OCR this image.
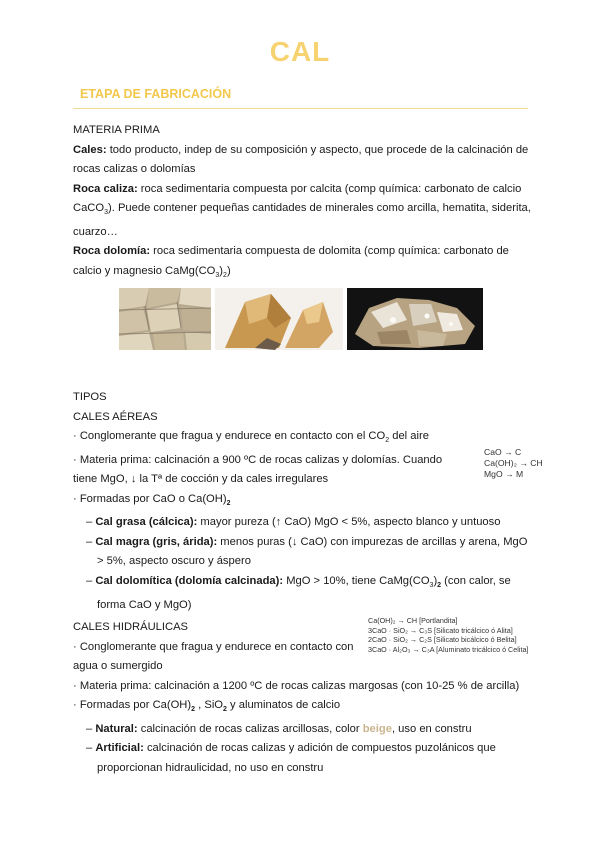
CAL
ETAPA DE FABRICACIÓN

MATERIA PRIMA

Cales: todo producto, indep de su composición y aspecto, que procede de la calcinación de rocas calizas o dolomías

Roca caliza: roca sedimentaria compuesta por calcita (comp química: carbonato de calcio CaCO$_3$). Puede contener pequeñas cantidades de minerales como arcilla, hematita, siderita, cuarzo…

Roca dolomía: roca sedimentaria compuesta de dolomita (comp química: carbonato de calcio y magnesio $CaMg(CO_3)_2$)

TIPOS

CALES AÉREAS

· Conglomerante que fragua y endurece en contacto con el $CO_2$ del aire

· Materia prima: calcinación a 900 ºC de rocas calizas y dolomías. Cuando tiene MgO, ↓ la Tª de cocción y da cales irregulares

· Formadas por CaO o $Ca(OH)_2$

– Cal grasa (cálcica): mayor pureza (↑ CaO) MgO < 5%, aspecto blanco y untuoso

– Cal magra (gris, árida): menos puras (↓ CaO) con impurezas de arcillas y arena, MgO > 5%, aspecto oscuro y áspero

– Cal dolomítica (dolomía calcinada): MgO > 10%, tiene $CaMg(CO_3)_2$ (con calor, se forma CaO y MgO)

CALES HIDRÁULICAS

· Conglomerante que fragua y endurece en contacto con agua o sumergido

· Materia prima: calcinación a 1200 ºC de rocas calizas margosas (con 10-25 % de arcilla)

· Formadas por $Ca(OH)_2$ , SiO$_2$ y aluminatos de calcio

– Natural: calcinación de rocas calizas arcillosas, color beige, uso en constru

– Artificial: calcinación de rocas calizas y adición de compuestos puzolánicos que proporcionan hidraulicidad, no uso en constru

CaO → C
Ca(OH)₂ → CH
MgO → M
Ca(OH)₂ → CH [Portlandita]
3CaO · SiO₂ → C₃S [Silicato tricálcico ó Alita]
2CaO · SiO₂ → C₂S [Silicato bicálcico ó Belita]
3CaO · Al₂O₃ → C₃A [Aluminato tricálcico ó Celita]
